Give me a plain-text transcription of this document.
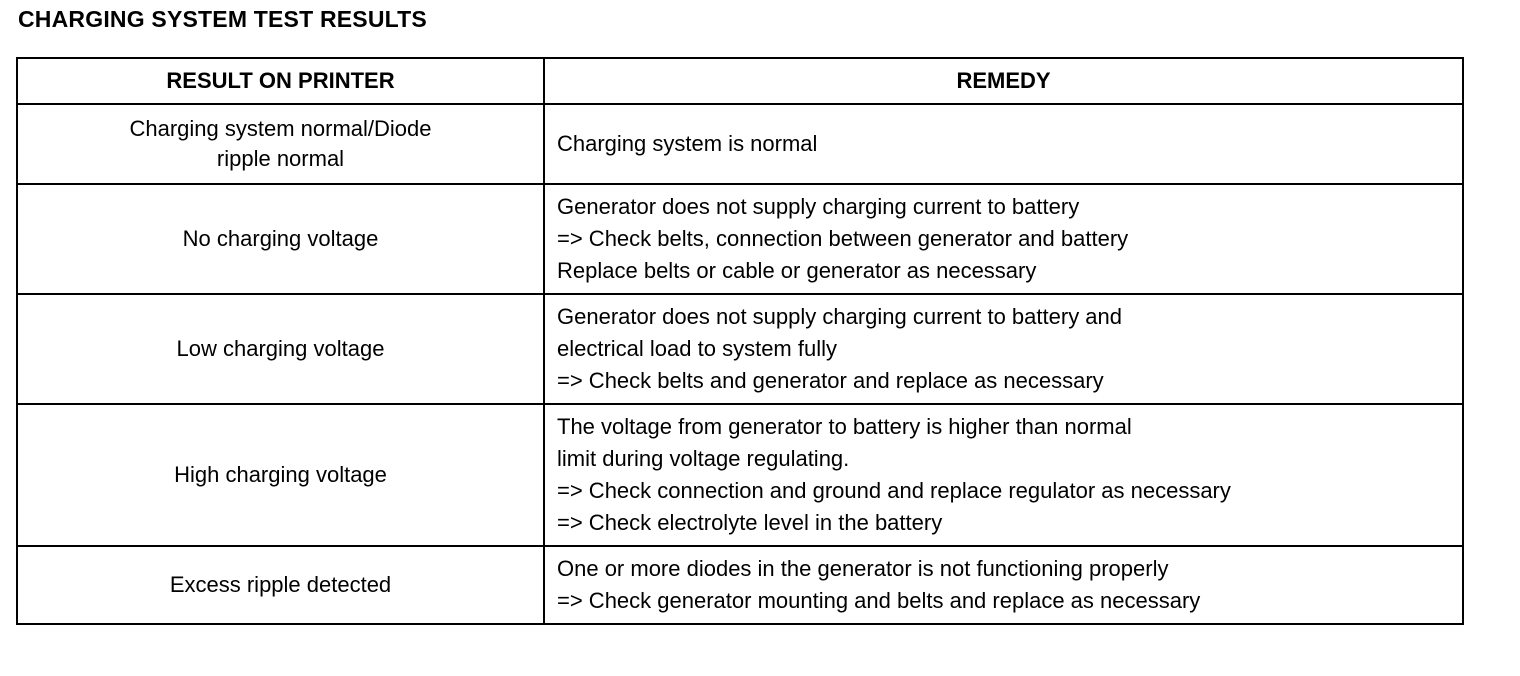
CHARGING SYSTEM TEST RESULTS
RESULT ON PRINTER	REMEDY

Charging system normal/Diode
ripple normal	Charging system is normal

No charging voltage	Generator does not supply charging current to battery
=> Check belts, connection between generator and battery
Replace belts or cable or generator as necessary

Low charging voltage	Generator does not supply charging current to battery and
electrical load to system fully
=> Check belts and generator and replace as necessary

High charging voltage	The voltage from generator to battery is higher than normal
limit during voltage regulating.
=> Check connection and ground and replace regulator as necessary
=> Check electrolyte level in the battery

Excess ripple detected	One or more diodes in the generator is not functioning properly
=> Check generator mounting and belts and replace as necessary
